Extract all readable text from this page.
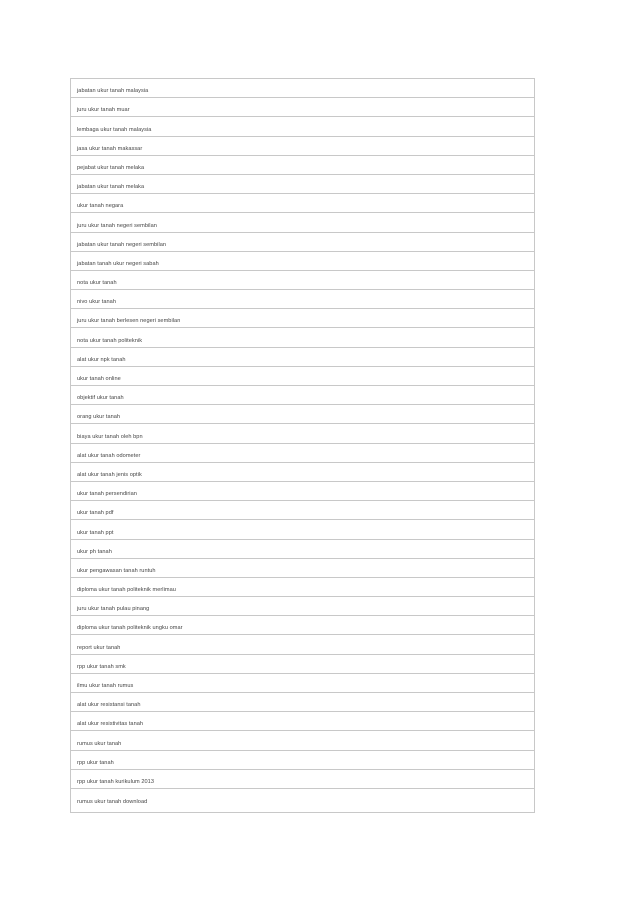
jabatan ukur tanah malaysia
juru ukur tanah muar
lembaga ukur tanah malaysia
jasa ukur tanah makassar
pejabat ukur tanah melaka
jabatan ukur tanah melaka
ukur tanah negara
juru ukur tanah negeri sembilan
jabatan ukur tanah negeri sembilan
jabatan tanah ukur negeri sabah
nota ukur tanah
nivo ukur tanah
juru ukur tanah berlesen negeri sembilan
nota ukur tanah politeknik
alat ukur npk tanah
ukur tanah online
objektif ukur tanah
orang ukur tanah
biaya ukur tanah oleh bpn
alat ukur tanah odometer
alat ukur tanah jenis optik
ukur tanah persendirian
ukur tanah pdf
ukur tanah ppt
ukur ph tanah
ukur pengawasan tanah runtuh
diploma ukur tanah politeknik merlimau
juru ukur tanah pulau pinang
diploma ukur tanah politeknik ungku omar
report ukur tanah
rpp ukur tanah smk
ilmu ukur tanah rumus
alat ukur resistansi tanah
alat ukur resistivitas tanah
rumus ukur tanah
rpp ukur tanah
rpp ukur tanah kurikulum 2013
rumus ukur tanah download
